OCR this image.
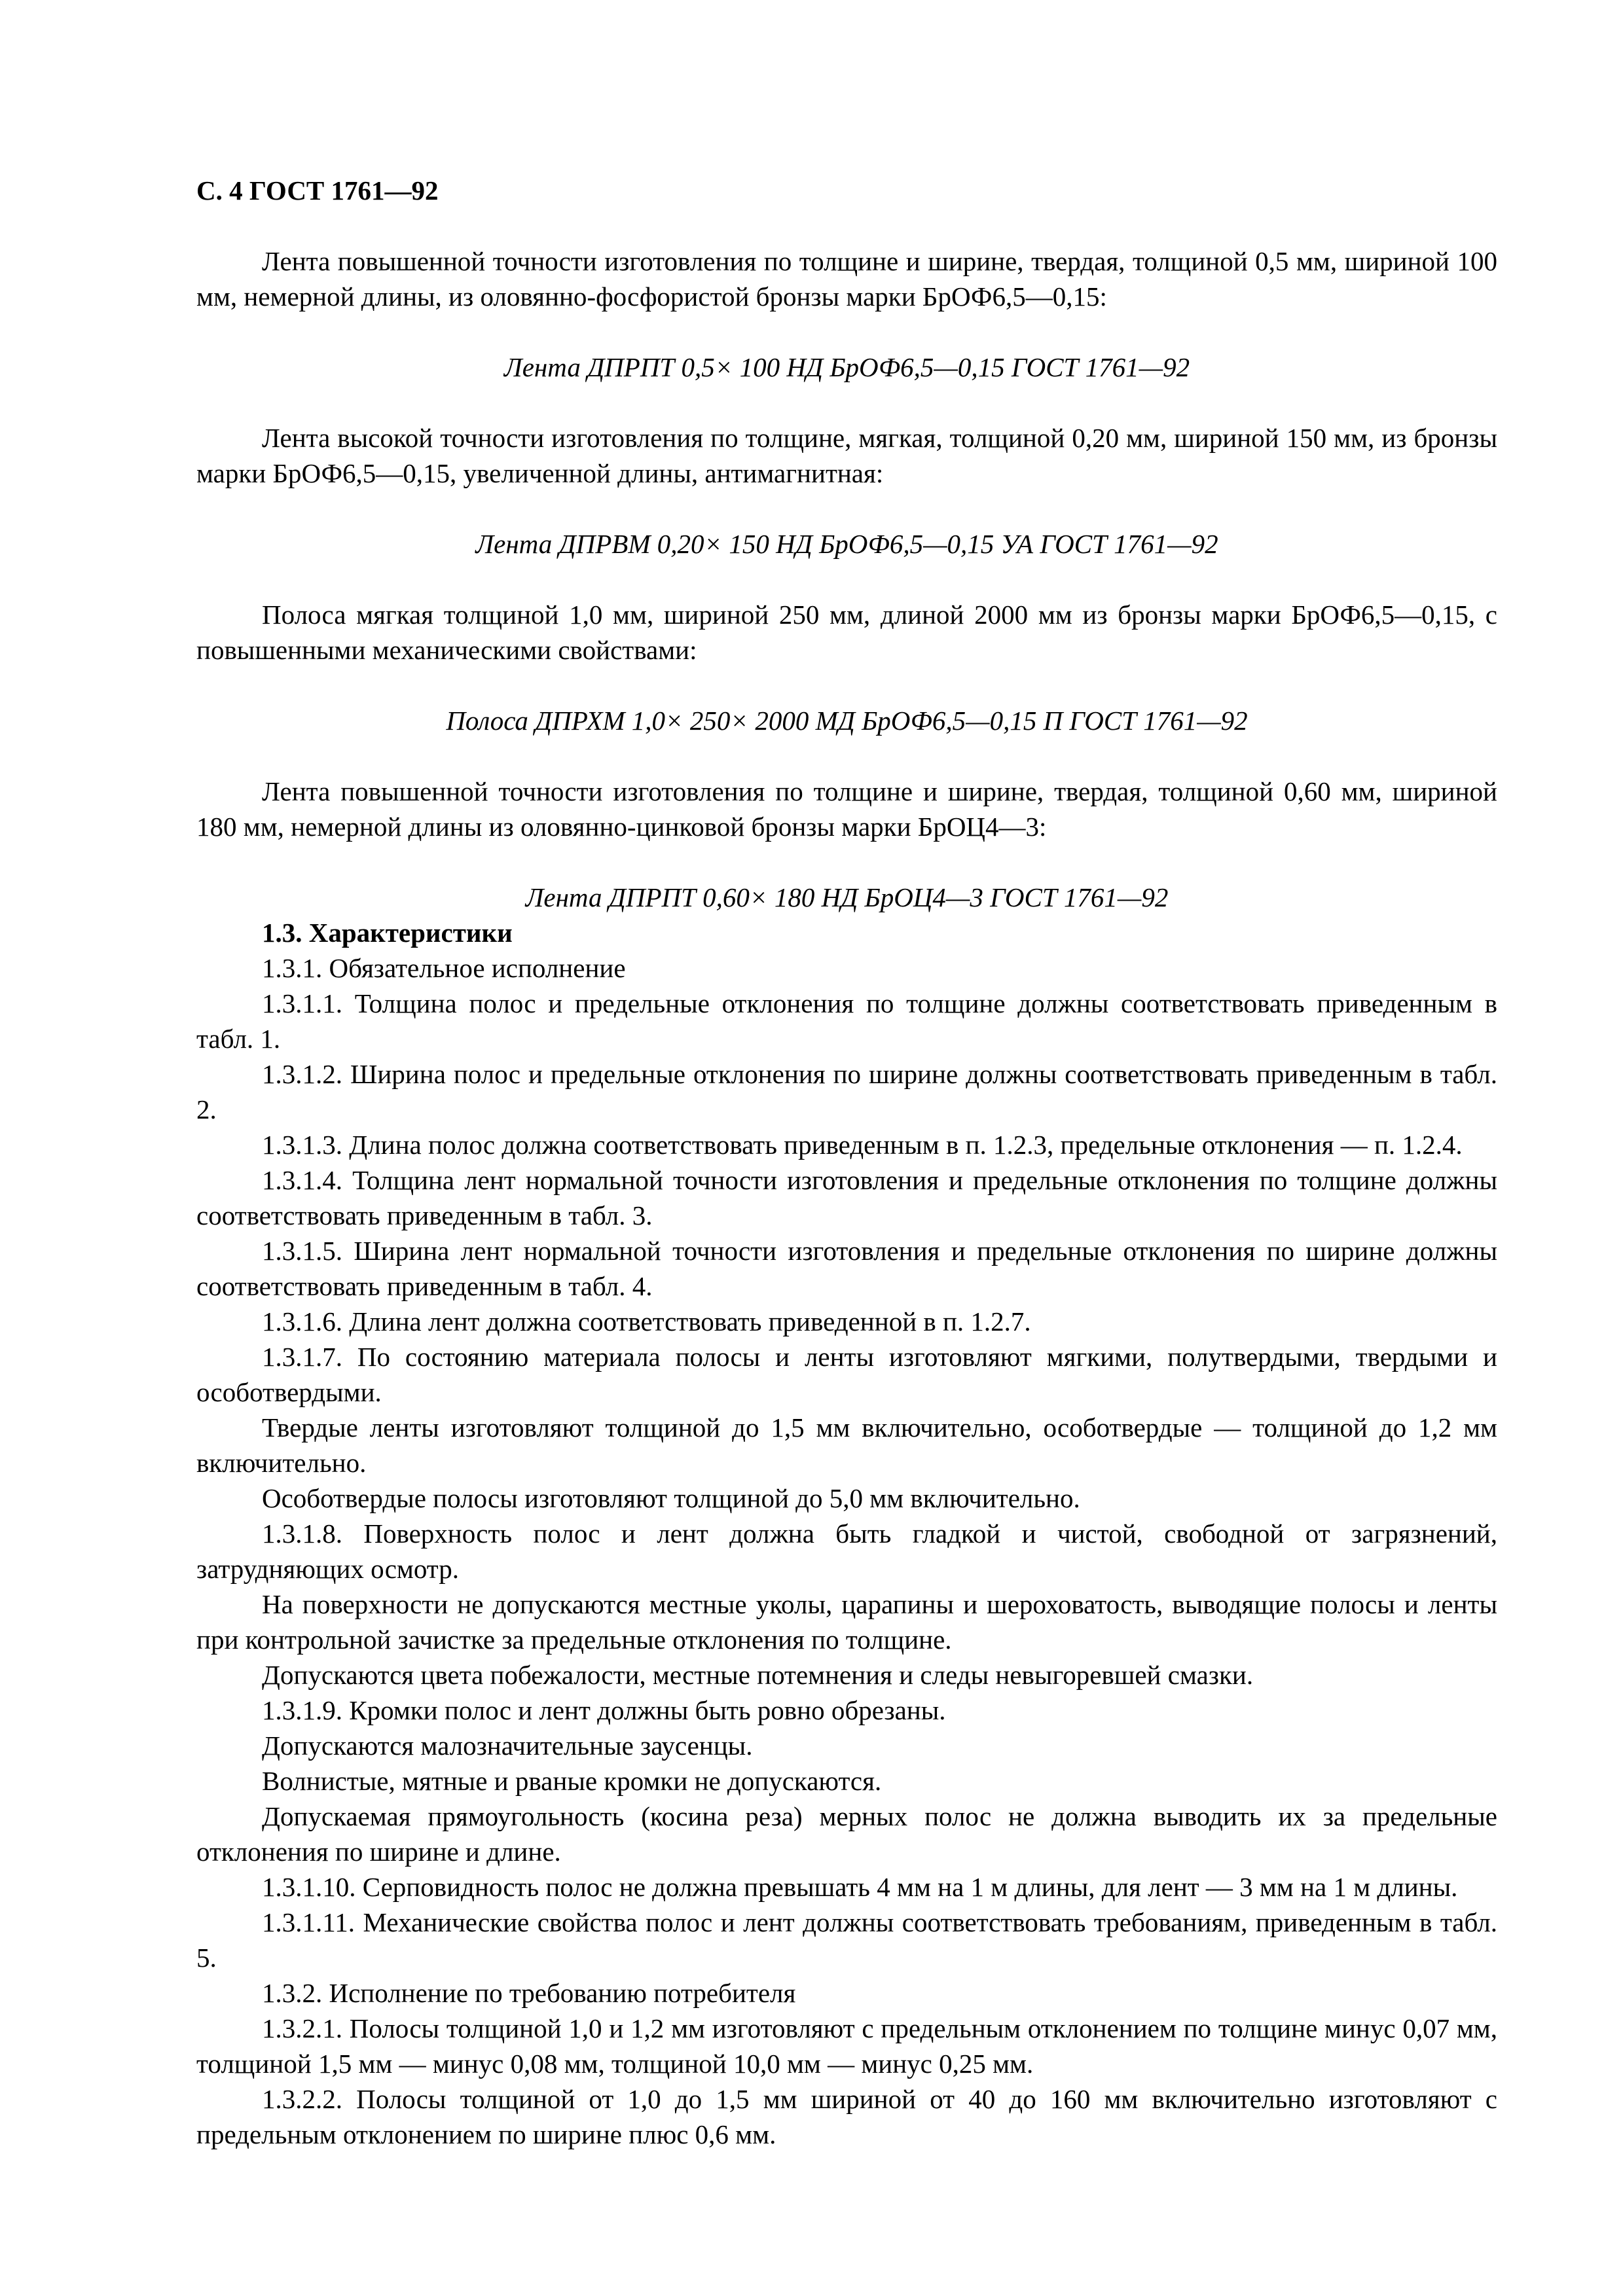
С. 4 ГОСТ 1761—92

Лента повышенной точности изготовления по толщине и ширине, твердая, толщиной 0,5 мм, шириной 100 мм, немерной длины, из оловянно-фосфористой бронзы марки БрОФ6,5—0,15:

Лента ДПРПТ 0,5× 100 НД БрОФ6,5—0,15 ГОСТ 1761—92

Лента высокой точности изготовления по толщине, мягкая, толщиной 0,20 мм, шириной 150 мм, из бронзы марки БрОФ6,5—0,15, увеличенной длины, антимагнитная:

Лента ДПРВМ 0,20× 150 НД БрОФ6,5—0,15 УА ГОСТ 1761—92

Полоса мягкая толщиной 1,0 мм, шириной 250 мм, длиной 2000 мм из бронзы марки БрОФ6,5—0,15, с повышенными механическими свойствами:

Полоса ДПРХМ 1,0× 250× 2000 МД БрОФ6,5—0,15 П ГОСТ 1761—92

Лента повышенной точности изготовления по толщине и ширине, твердая, толщиной 0,60 мм, шириной 180 мм, немерной длины из оловянно-цинковой бронзы марки БрОЦ4—3:

Лента ДПРПТ 0,60× 180 НД БрОЦ4—3 ГОСТ 1761—92

1.3. Характеристики

1.3.1. Обязательное исполнение

1.3.1.1. Толщина полос и предельные отклонения по толщине должны соответствовать приведенным в табл. 1.

1.3.1.2. Ширина полос и предельные отклонения по ширине должны соответствовать приведенным в табл. 2.

1.3.1.3. Длина полос должна соответствовать приведенным в п. 1.2.3, предельные отклонения — п. 1.2.4.

1.3.1.4. Толщина лент нормальной точности изготовления и предельные отклонения по толщине должны соответствовать приведенным в табл. 3.

1.3.1.5. Ширина лент нормальной точности изготовления и предельные отклонения по ширине должны соответствовать приведенным в табл. 4.

1.3.1.6. Длина лент должна соответствовать приведенной в п. 1.2.7.

1.3.1.7. По состоянию материала полосы и ленты изготовляют мягкими, полутвердыми, твердыми и особотвердыми.

Твердые ленты изготовляют толщиной до 1,5 мм включительно, особотвердые — толщиной до 1,2 мм включительно.

Особотвердые полосы изготовляют толщиной до 5,0 мм включительно.

1.3.1.8. Поверхность полос и лент должна быть гладкой и чистой, свободной от загрязнений, затрудняющих осмотр.

На поверхности не допускаются местные уколы, царапины и шероховатость, выводящие полосы и ленты при контрольной зачистке за предельные отклонения по толщине.

Допускаются цвета побежалости, местные потемнения и следы невыгоревшей смазки.

1.3.1.9. Кромки полос и лент должны быть ровно обрезаны.

Допускаются малозначительные заусенцы.

Волнистые, мятные и рваные кромки не допускаются.

Допускаемая прямоугольность (косина реза) мерных полос не должна выводить их за предельные отклонения по ширине и длине.

1.3.1.10. Серповидность полос не должна превышать 4 мм на 1 м длины, для лент — 3 мм на 1 м длины.

1.3.1.11. Механические свойства полос и лент должны соответствовать требованиям, приведенным в табл. 5.

1.3.2. Исполнение по требованию потребителя

1.3.2.1. Полосы толщиной 1,0 и 1,2 мм изготовляют с предельным отклонением по толщине минус 0,07 мм, толщиной 1,5 мм — минус 0,08 мм, толщиной 10,0 мм — минус 0,25 мм.

1.3.2.2. Полосы толщиной от 1,0 до 1,5 мм шириной от 40 до 160 мм включительно изготовляют с предельным отклонением по ширине плюс 0,6 мм.
